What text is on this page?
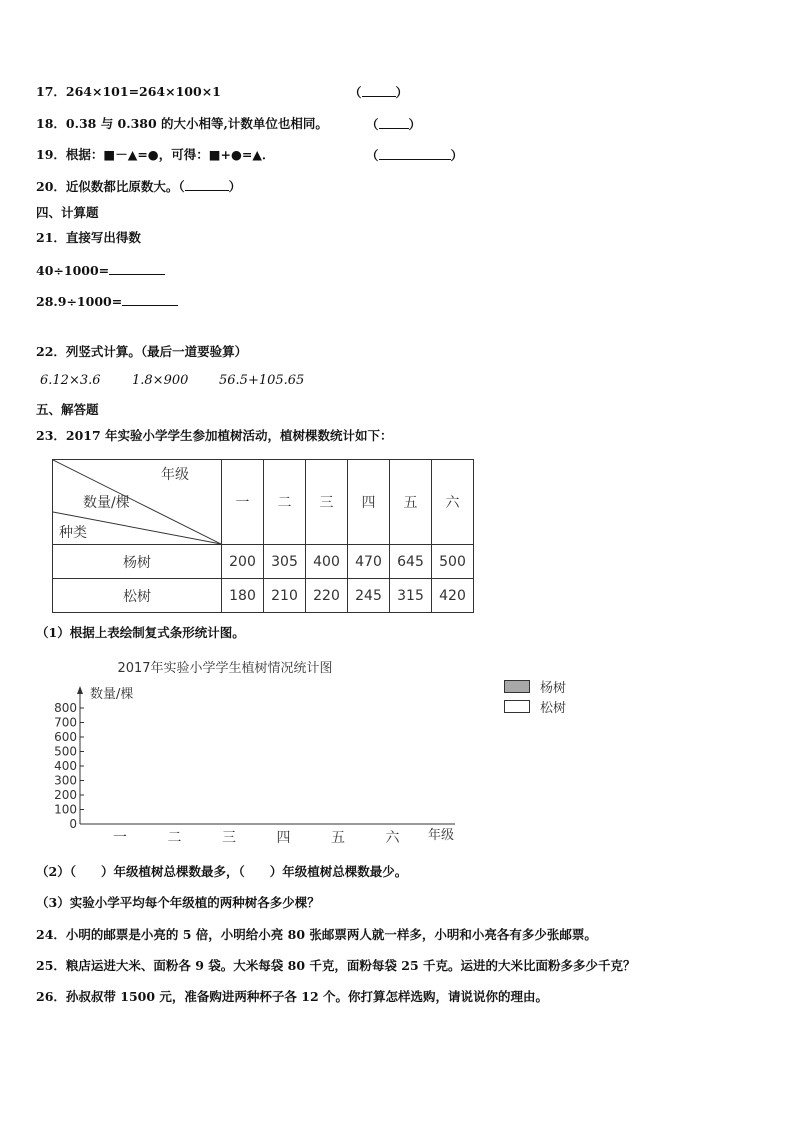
17．264×101=264×100×1	（	）
18．0.38 与 0.380 的大小相等,计数单位也相同。	（ ）
19．根据：■－▲=●，可得：■+●=▲．	（	）
20．近似数都比原数大。（	）
四、计算题
21．直接写出得数
40÷1000=
28.9÷1000=
22．列竖式计算。（最后一道要验算）
6.12×3.6 1.8×900 56.5+105.65
五、解答题
23．2017 年实验小学学生参加植树活动，植树棵数统计如下：
年级
数量/棵
种类	一	二	三	四	五	六
杨树	200	305	400	470	645	500
松树	180	210	220	245	315	420
（1）根据上表绘制复式条形统计图。
2017年实验小学学生植树情况统计图
数量/棵
0
100
200
300
400
500
600
700
800
一	二	三	四	五	六 年级
杨树
松树
（2）（　　）年级植树总棵数最多，（　　）年级植树总棵数最少。
（3）实验小学平均每个年级植的两种树各多少棵？
24．小明的邮票是小亮的 5 倍，小明给小亮 80 张邮票两人就一样多，小明和小亮各有多少张邮票。
25．粮店运进大米、面粉各 9 袋。大米每袋 80 千克，面粉每袋 25 千克。运进的大米比面粉多多少千克？
26．孙叔叔带 1500 元，准备购进两种杯子各 12 个。你打算怎样选购，请说说你的理由。
